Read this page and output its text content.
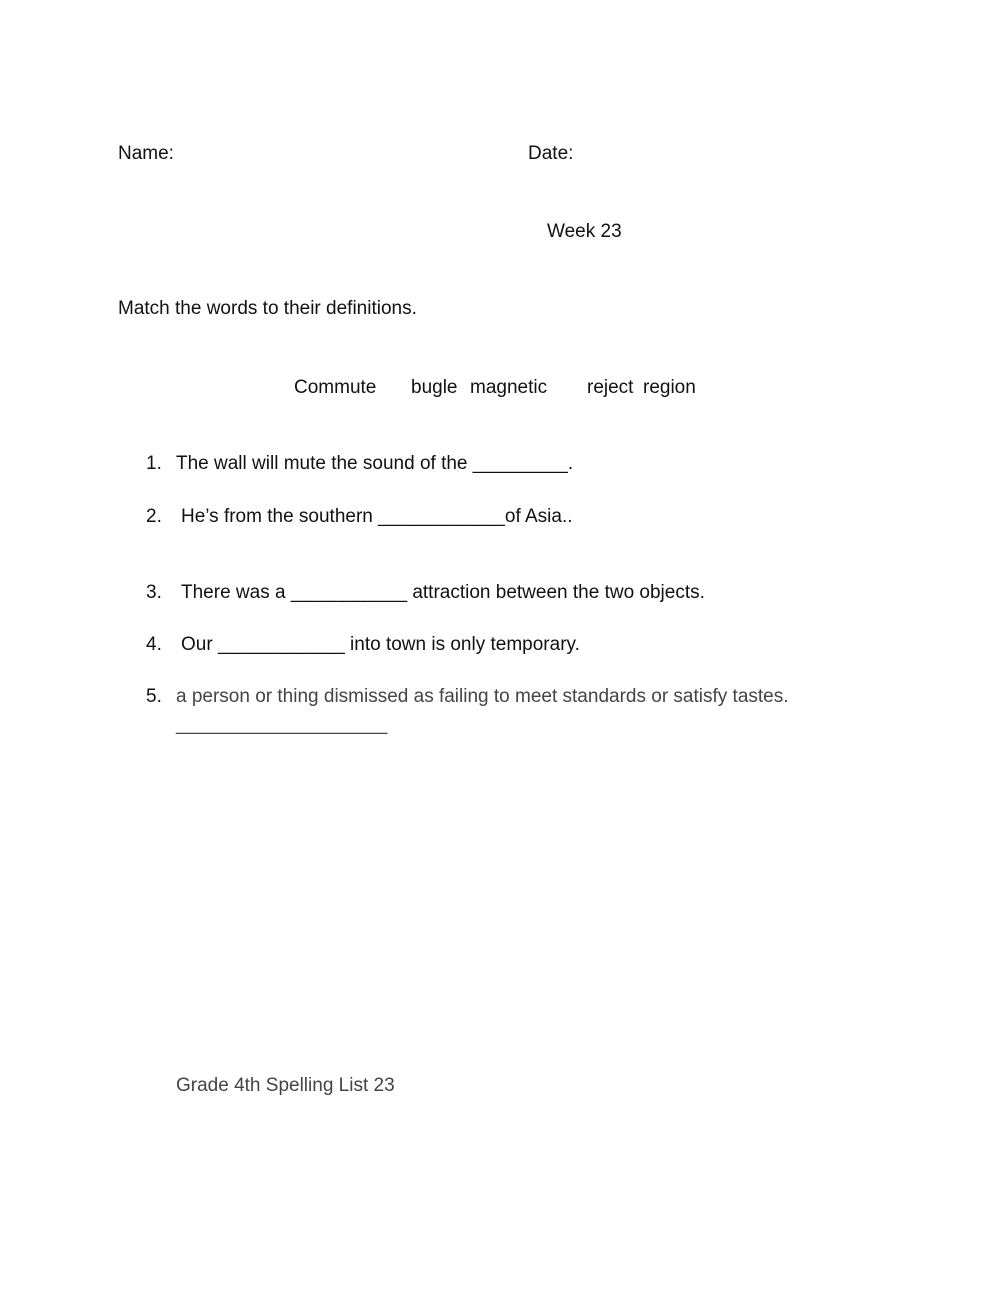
Name:	Date:
Week 23
Match the words to their definitions.
Commute bugle magnetic reject region
1. The wall will mute the sound of the _________.
2. He’s from the southern ____________of Asia..
3. There was a ___________ attraction between the two objects.
4. Our ____________ into town is only temporary.
5. a person or thing dismissed as failing to meet standards or satisfy tastes.
____________________
Grade 4th Spelling List 23
